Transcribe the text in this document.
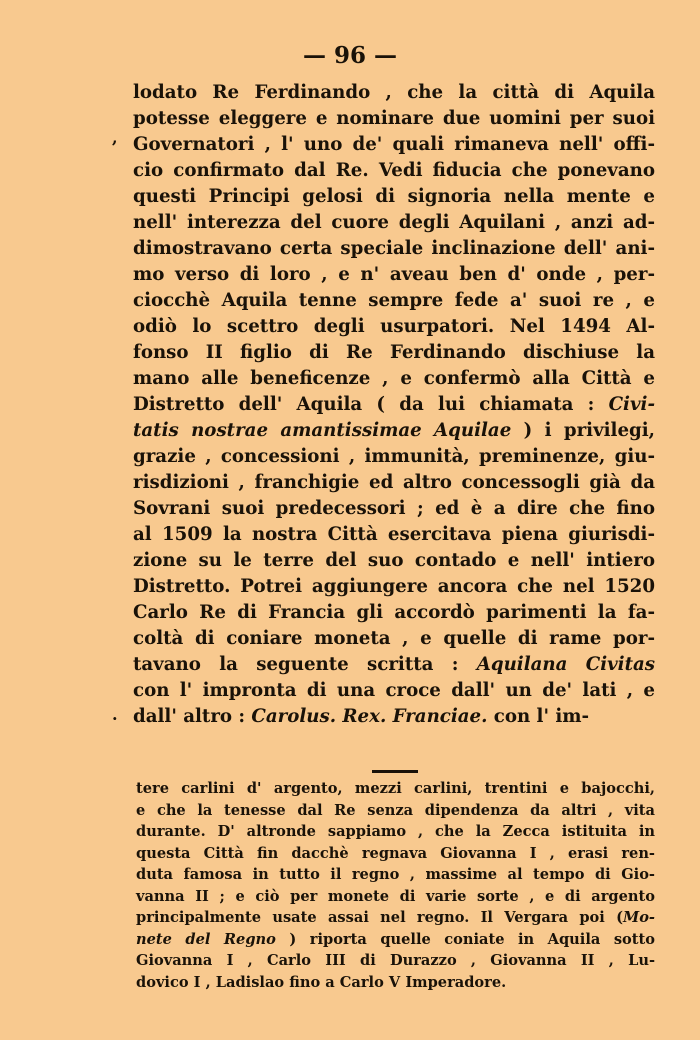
— 96 —
,
.
lodato Re Ferdinando , che la città di Aquila
potesse eleggere e nominare due uomini per suoi
Governatori , l' uno de' quali rimaneva nell' offi-
cio confirmato dal Re. Vedi fiducia che ponevano
questi Principi gelosi di signoria nella mente e
nell' interezza del cuore degli Aquilani , anzi ad-
dimostravano certa speciale inclinazione dell' ani-
mo verso di loro , e n' aveau ben d' onde , per-
ciocchè Aquila tenne sempre fede a' suoi re , e
odiò lo scettro degli usurpatori. Nel 1494 Al-
fonso II figlio di Re Ferdinando dischiuse la
mano alle beneficenze , e confermò alla Città e
Distretto dell' Aquila ( da lui chiamata : Civi-
tatis nostrae amantissimae Aquilae ) i privilegi,
grazie , concessioni , immunità, preminenze, giu-
risdizioni , franchigie ed altro concessogli già da
Sovrani suoi predecessori ; ed è a dire che fino
al 1509 la nostra Città esercitava piena giurisdi-
zione su le terre del suo contado e nell' intiero
Distretto. Potrei aggiungere ancora che nel 1520
Carlo Re di Francia gli accordò parimenti la fa-
coltà di coniare moneta , e quelle di rame por-
tavano la seguente scritta : Aquilana Civitas
con l' impronta di una croce dall' un de' lati , e
dall' altro : Carolus. Rex. Franciae. con l' im-
tere carlini d' argento, mezzi carlini, trentini e bajocchi,
e che la tenesse dal Re senza dipendenza da altri , vita
durante. D' altronde sappiamo , che la Zecca istituita in
questa Città fin dacchè regnava Giovanna I , erasi ren-
duta famosa in tutto il regno , massime al tempo di Gio-
vanna II ; e ciò per monete di varie sorte , e di argento
principalmente usate assai nel regno. Il Vergara poi (Mo-
nete del Regno ) riporta quelle coniate in Aquila sotto
Giovanna I , Carlo III di Durazzo , Giovanna II , Lu-
dovico I , Ladislao fino a Carlo V Imperadore.
